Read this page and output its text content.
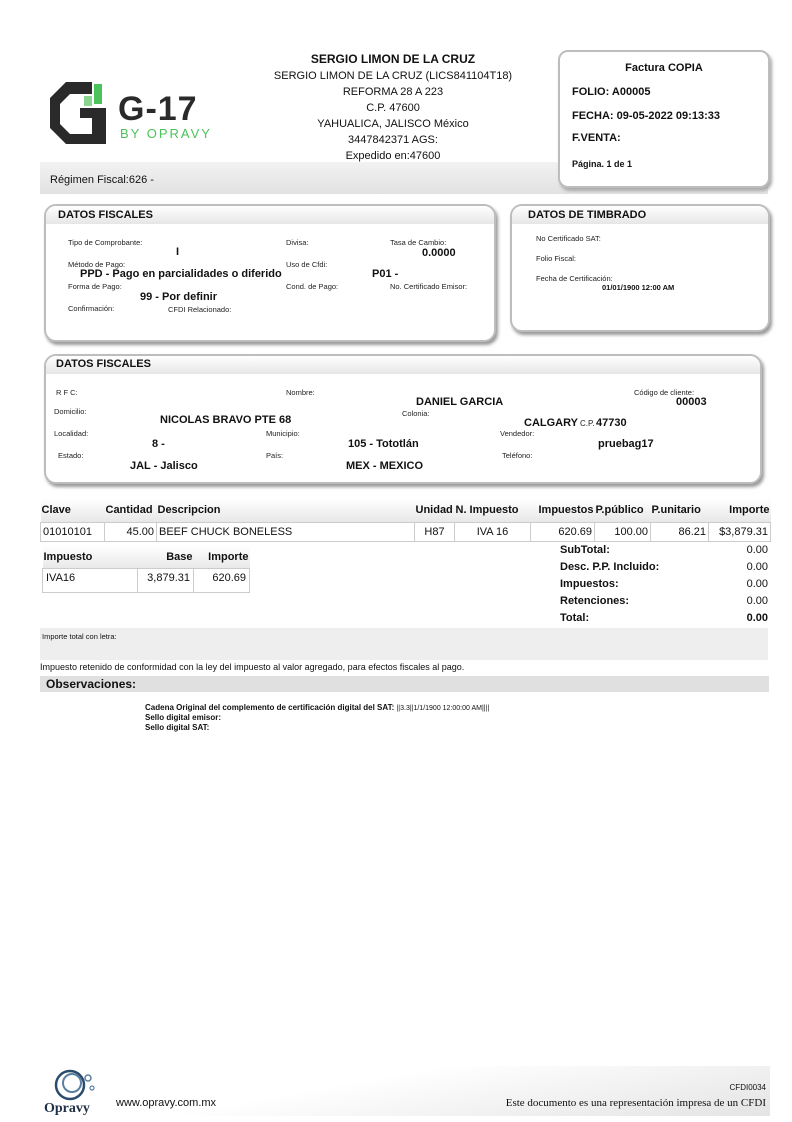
Régimen Fiscal:626 -
G-17
BY OPRAVY
SERGIO LIMON DE LA CRUZ
SERGIO LIMON DE LA CRUZ (LICS841104T18)
REFORMA 28 A 223
C.P. 47600
YAHUALICA, JALISCO México
3447842371 AGS:
Expedido en:47600
Factura COPIA
FOLIO: A00005
FECHA: 09-05-2022 09:13:33
F.VENTA:
Página. 1 de 1
DATOS FISCALES
Tipo de Comprobante:
I
Divisa:	Tasa de Cambio:
0.0000
Método de Pago:
PPD - Pago en parcialidades o diferido
Uso de Cfdi:
P01 -
Forma de Pago:	Cond. de Pago:	No. Certificado Emisor:
99 - Por definir
Confirmación:	CFDI Relacionado:
DATOS DE TIMBRADO
No Certificado SAT:
Folio Fiscal:
Fecha de Certificación:
01/01/1900 12:00 AM
DATOS FISCALES
R F C:	Nombre:
DANIEL GARCIA
Código de cliente:
00003
Domicilio:
NICOLAS BRAVO PTE 68
Colonia:
CALGARY C.P. 47730
Localidad:
8 -
Municipio:
105 - Tototlán
Vendedor:
pruebag17
Estado:
JAL - Jalisco
País:
MEX - MEXICO
Teléfono:
Clave	Cantidad	Descripcion	Unidad	N. Impuesto	Impuestos	P.público	P.unitario	Importe
01010101	45.00	BEEF CHUCK BONELESS	H87	IVA 16	620.69	100.00	86.21	$3,879.31
Impuesto	Base	Importe
IVA16	3,879.31	620.69
SubTotal:	0.00
Desc. P.P. Incluido:	0.00
Impuestos:	0.00
Retenciones:	0.00
Total:	0.00
Importe total con letra:
Impuesto retenido de conformidad con la ley del impuesto al valor agregado, para efectos fiscales al pago.
Observaciones:
Cadena Original del complemento de certificación digital del SAT: ||3.3||1/1/1900 12:00:00 AM||||
Sello digital emisor:
Sello digital SAT:
Opravy www.opravy.com.mx
CFDI0034
Este documento es una representación impresa de un CFDI
